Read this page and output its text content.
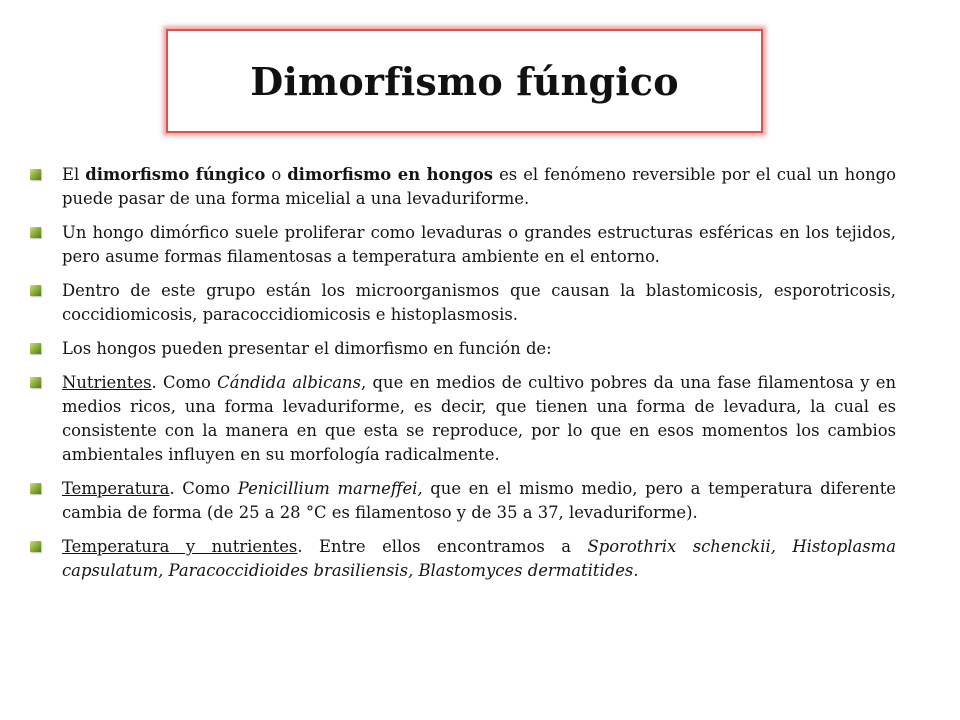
Dimorfismo fúngico
El dimorfismo fúngico o dimorfismo en hongos es el fenómeno reversible por el cual un hongo puede pasar de una forma micelial a una levaduriforme.
Un hongo dimórfico suele proliferar como levaduras o grandes estructuras esféricas en los tejidos, pero asume formas filamentosas a temperatura ambiente en el entorno.
Dentro de este grupo están los microorganismos que causan la blastomicosis, esporotricosis, coccidiomicosis, paracoccidiomicosis e histoplasmosis.
Los hongos pueden presentar el dimorfismo en función de:
Nutrientes. Como Cándida albicans, que en medios de cultivo pobres da una fase filamentosa y en medios ricos, una forma levaduriforme, es decir, que tienen una forma de levadura, la cual es consistente con la manera en que esta se reproduce, por lo que en esos momentos los cambios ambientales influyen en su morfología radicalmente.
Temperatura. Como Penicillium marneffei, que en el mismo medio, pero a temperatura diferente cambia de forma (de 25 a 28 °C es filamentoso y de 35 a 37, levaduriforme).
Temperatura y nutrientes. Entre ellos encontramos a Sporothrix schenckii, Histoplasma capsulatum, Paracoccidioides brasiliensis, Blastomyces dermatitides.
